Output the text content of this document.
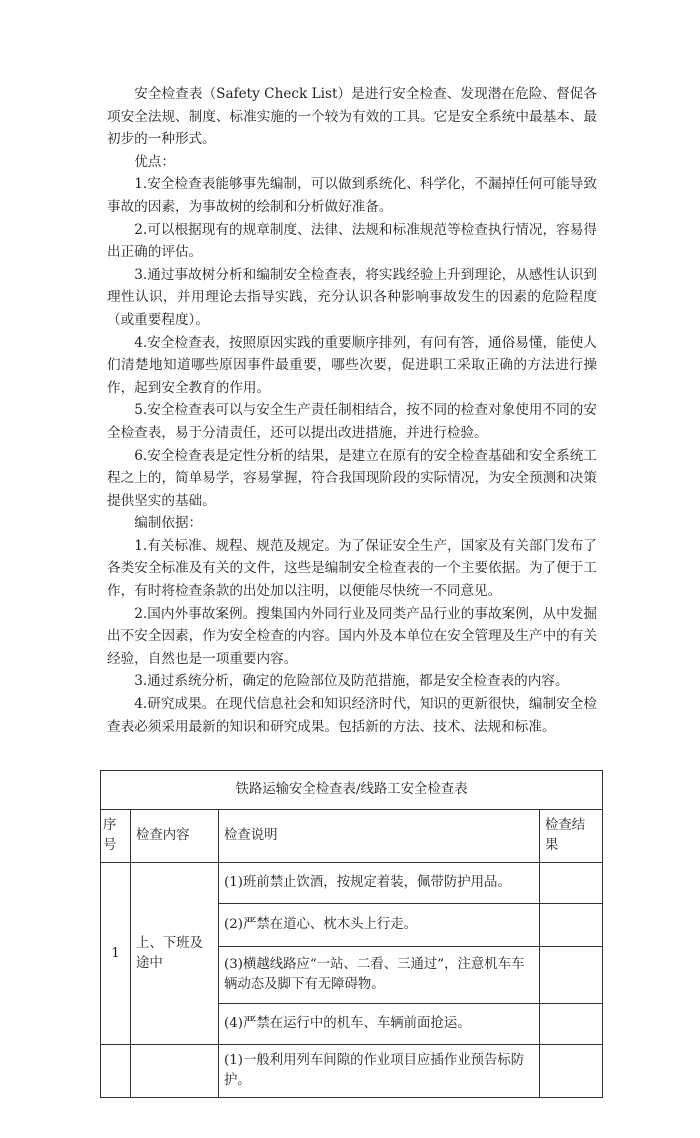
安全检查表（Safety Check List）是进行安全检查、发现潜在危险、督促各项安全法规、制度、标准实施的一个较为有效的工具。它是安全系统中最基本、最初步的一种形式。

优点：

1.安全检查表能够事先编制，可以做到系统化、科学化，不漏掉任何可能导致事故的因素，为事故树的绘制和分析做好准备。

2.可以根据现有的规章制度、法律、法规和标准规范等检查执行情况，容易得出正确的评估。

3.通过事故树分析和编制安全检查表，将实践经验上升到理论，从感性认识到理性认识，并用理论去指导实践，充分认识各种影响事故发生的因素的危险程度（或重要程度）。

4.安全检查表，按照原因实践的重要顺序排列，有问有答，通俗易懂，能使人们清楚地知道哪些原因事件最重要，哪些次要，促进职工采取正确的方法进行操作，起到安全教育的作用。

5.安全检查表可以与安全生产责任制相结合，按不同的检查对象使用不同的安全检查表，易于分清责任，还可以提出改进措施，并进行检验。

6.安全检查表是定性分析的结果，是建立在原有的安全检查基础和安全系统工程之上的，简单易学，容易掌握，符合我国现阶段的实际情况，为安全预测和决策提供坚实的基础。

编制依据：

1.有关标准、规程、规范及规定。为了保证安全生产，国家及有关部门发布了各类安全标准及有关的文件，这些是编制安全检查表的一个主要依据。为了便于工作，有时将检查条款的出处加以注明，以便能尽快统一不同意见。

2.国内外事故案例。搜集国内外同行业及同类产品行业的事故案例，从中发掘出不安全因素，作为安全检查的内容。国内外及本单位在安全管理及生产中的有关经验，自然也是一项重要内容。

3.通过系统分析，确定的危险部位及防范措施，都是安全检查表的内容。

4.研究成果。在现代信息社会和知识经济时代，知识的更新很快，编制安全检查表必须采用最新的知识和研究成果。包括新的方法、技术、法规和标准。

铁路运输安全检查表/线路工安全检查表			
序号	检查内容	检查说明	检查结果
1	上、下班及途中	(1)班前禁止饮酒，按规定着装，佩带防护用品。	
		(2)严禁在道心、枕木头上行走。	
		(3)横越线路应“一站、二看、三通过”，注意机车车辆动态及脚下有无障碍物。	
		(4)严禁在运行中的机车、车辆前面抢运。	
		(1)一般利用列车间隙的作业项目应插作业预告标防护。	
